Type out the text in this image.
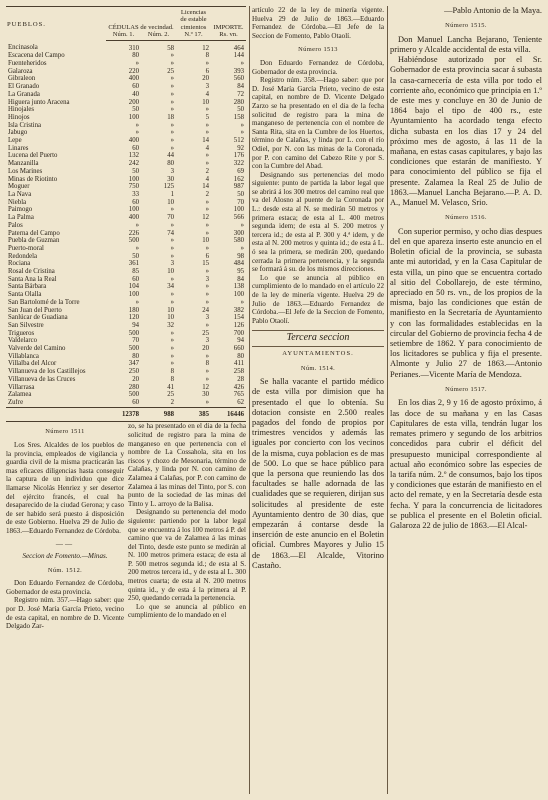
PUEBLOS.	CÉDULAS de vecindad.		Licencias de estable cimientos	IMPORTE.
	Núm. 1.	Núm. 2.	N.º 17.	Rs. vn.
Encinasola	310	58	12	464
Escacena del Campo	80	»	8	144
Fuenteheridos	»	»	»	»
Galaroza	220	25	6	393
Gibraleon	400	»	20	560
El Granado	60	»	3	84
La Granada	40	»	4	72
Higuera junto Aracena	200	»	10	280
Hinojales	50	»	»	50
Hinojos	100	18	5	158
Isla Cristina	»	»	»	»
Jabugo	»	»	»	»
Lepe	400	»	14	512
Linares	60	»	4	92
Lucena del Puerto	132	44	»	176
Manzanilla	242	80	»	322
Los Marines	50	3	2	69
Minas de Riotinto	100	30	4	162
Moguer	750	125	14	987
La Nava	33	1	2	50
Niebla	60	10	»	70
Paimogo	100	»	»	100
La Palma	400	70	12	566
Palos	»	»	»	»
Paterna del Campo	226	74	»	300
Puebla de Guzman	500	»	10	580
Puerto-moral	»	»	»	»
Redondela	50	»	6	98
Rociana	361	3	15	484
Rosal de Cristina	85	10	»	95
Santa Ana la Real	60	»	3	84
Santa Bárbara	104	34	»	138
Santa Olalla	100	»	»	100
San Bartolomé de la Torre	»	»	»	»
San Juan del Puerto	180	10	24	382
Sanlúcar de Guadiana	120	10	3	154
San Silvestre	94	32	»	126
Trigueros	500	»	25	700
Valdelarco	70	»	3	94
Valverde del Camino	500	»	20	660
Villablanca	80	»	»	80
Villalba del Alcor	347	»	8	411
Villanueva de los Castillejos	250	8	»	258
Villanueva de las Cruces	20	8	»	28
Villarrasa	280	41	12	426
Zalamea	500	25	30	765
Zufre	60	2	»	62
	12378	988	385	16446

Número 1511

Los Sres. Alcaldes de los pueblos de la provincia, empleados de vigilancia y guardia civil de la misma practicarán las mas eficaces diligencias hasta conseguir la captura de un individuo que dice llamarse Nicolás Henriez y ser desertor del ejército francés, el cual ha desaparecido de la ciudad Gerona; y caso de ser habido será puesto á disposición de este Gobierno. Huelva 29 de Julio de 1863.—Eduardo Fernandez de Córdoba.

——

Seccion de Fomento.—Minas.

Núm. 1512.

Don Eduardo Fernandez de Córdoba, Gobernador de esta provincia.

Registro núm. 357.—Hago saber: que por D. José María García Prieto, vecino de esta capital, en nombre de D. Vicente Delgado Zar-

zo, se ha presentado en el dia de la fecha solicitud de registro para la mina de manganeso en que pertenencia con el nombre de La Cossahola, sita en los riscos y chozo de Mesonaria, término de Calañas, y linda por N. con camino de Zalamea á Calañas, por P. con camino de Zalamea á las minas del Tinto, por S. con punto de la sociedad de las minas del Tinto y L. arroyo de la Balisa.

Designando su pertenencia del modo siguiente: partiendo por la labor legal que se encuentra á los 100 metros á P. del camino que va de Zalamea á las minas del Tinto, desde este punto se medirán al N. 100 metros primera estaca; de esta al P. 500 metros segunda id.; de esta al S. 200 metros tercera id., y de esta al L. 300 metros cuarta; de esta al N. 200 metros quinta id., y de esta á la primera al P. 250, quedando cerrada la pertenencia.

Lo que se anuncia al público en cumplimiento de lo mandado en el

artículo 22 de la ley de minería vigente. Huelva 29 de Julio de 1863.—Eduardo Fernandez de Córdoba.—El Jefe de la Seccion de Fomento, Pablo Otaolí.

Número 1513

Don Eduardo Fernandez de Córdoba, Gobernador de esta provincia.

Registro núm. 358.—Hago saber: que por D. José María García Prieto, vecino de esta capital, en nombre de D. Vicente Delgado Zarzo se ha presentado en el dia de la fecha solicitud de registro para la mina de manganeso de pertenencia con el nombre de Santa Rita, sita en la Cumbre de los Huertos, término de Calañas, y linda por L. con el río Odiel, por N. con las minas de la Coronada, por P. con camino del Cabezo Rite y por S. con la Cumbre del Abad.

Designando sus pertenencias del modo siguiente: punto de partida la labor legal que se abrirá á los 300 metros del camino real que va del Alosno al puente de la Coronada por L.: desde esta al N. se medirán 50 metros y primera estaca; de esta al L. 400 metros segunda idem; de esta al S. 200 metros y tercera id.; de esta al P. 300 y 4.ª idem, y de esta al N. 200 metros y quinta id.; de esta á L. ó sea la primera, se medirán 200, quedando cerrada la primera pertenencia, y la segunda se formará á su. de los mismos direcciones.

Lo que se anuncia al público en cumplimiento de lo mandado en el artículo 22 de la ley de minería vigente. Huelva 29 de Julio de 1863.—Eduardo Fernandez de Córdoba.—El Jefe de la Seccion de Fomento, Pablo Otaolí.

Tercera seccion

AYUNTAMIENTOS.

Núm. 1514.

Se halla vacante el partido médico de esta villa por dimision que ha presentado el que lo obtenía. Su dotacion consiste en 2.500 reales pagados del fondo de propios por trimestres vencidos y además las iguales por concierto con los vecinos de la misma, cuya poblacion es de mas de 500. Lo que se hace público para que la persona que reuniendo las dos facultades se halle adornada de las cualidades que se requieren, dirijan sus solicitudes al presidente de este Ayuntamiento dentro de 30 dias, que empezarán á contarse desde la inserción de este anuncio en el Boletin oficial. Cumbres Mayores y Julio 15 de 1863.—El Alcalde, Vitorino Castaño.

—Pablo Antonio de la Maya.

Número 1515.

Don Manuel Lancha Bejarano, Teniente primero y Alcalde accidental de esta villa.

Habiéndose autorizado por el Sr. Gobernador de esta provincia sacar á subasta la casa-carnecería de esta villa por todo el corriente año, económico que principia en 1.º de este mes y concluye en 30 de Junio de 1864 bajo el tipo de 400 rs., este Ayuntamiento ha acordado tenga efecto dicha subasta en los dias 17 y 24 del próximo mes de agosto, á las 11 de la mañana, en estas casas capitulares, y bajo las condiciones que estarán de manifiesto. Y para conocimiento del público se fija el presente. Zalamea la Real 25 de Julio de 1863.—Manuel Lancha Bejarano.—P. A. D. A., Manuel M. Velasco, Srio.

Número 1516.

Con superior permiso, y ocho dias despues del en que apareza inserto este anuncio en el Boletin oficial de la provincia, se subasta ante mi autoridad, y en la Casa Capitular de esta villa, un pino que se encuentra cortado al sitio del Cobollarejo, de este término, apreciado en 50 rs. vn., de los propios de la misma, bajo las condiciones que están de manifiesto en la Secretaría de Ayuntamiento y con las formalidades establecidas en la circular del Gobierno de provincia fecha 4 de setiembre de 1862. Y para conocimiento de los licitadores se publica y fija el presente. Almonte y Julio 27 de 1863.—Antonio Perianes.—Vicente María de Mendoza.

Número 1517.

En los dias 2, 9 y 16 de agosto próximo, á las doce de su mañana y en las Casas Capitulares de esta villa, tendrán lugar los remates primero y segundo de los arbitrios concedidos para cubrir el déficit del presupuesto municipal correspondiente al actual año económico sobre las especies de la tarifa núm. 2.º de consumos, bajo los tipos y condiciones que estarán de manifiesto en el acto del remate, y en la Secretaría desde esta fecha. Y para la concurrencia de licitadores se publica el presente en el Boletin oficial. Galaroza 22 de julio de 1863.—El Alcal-
